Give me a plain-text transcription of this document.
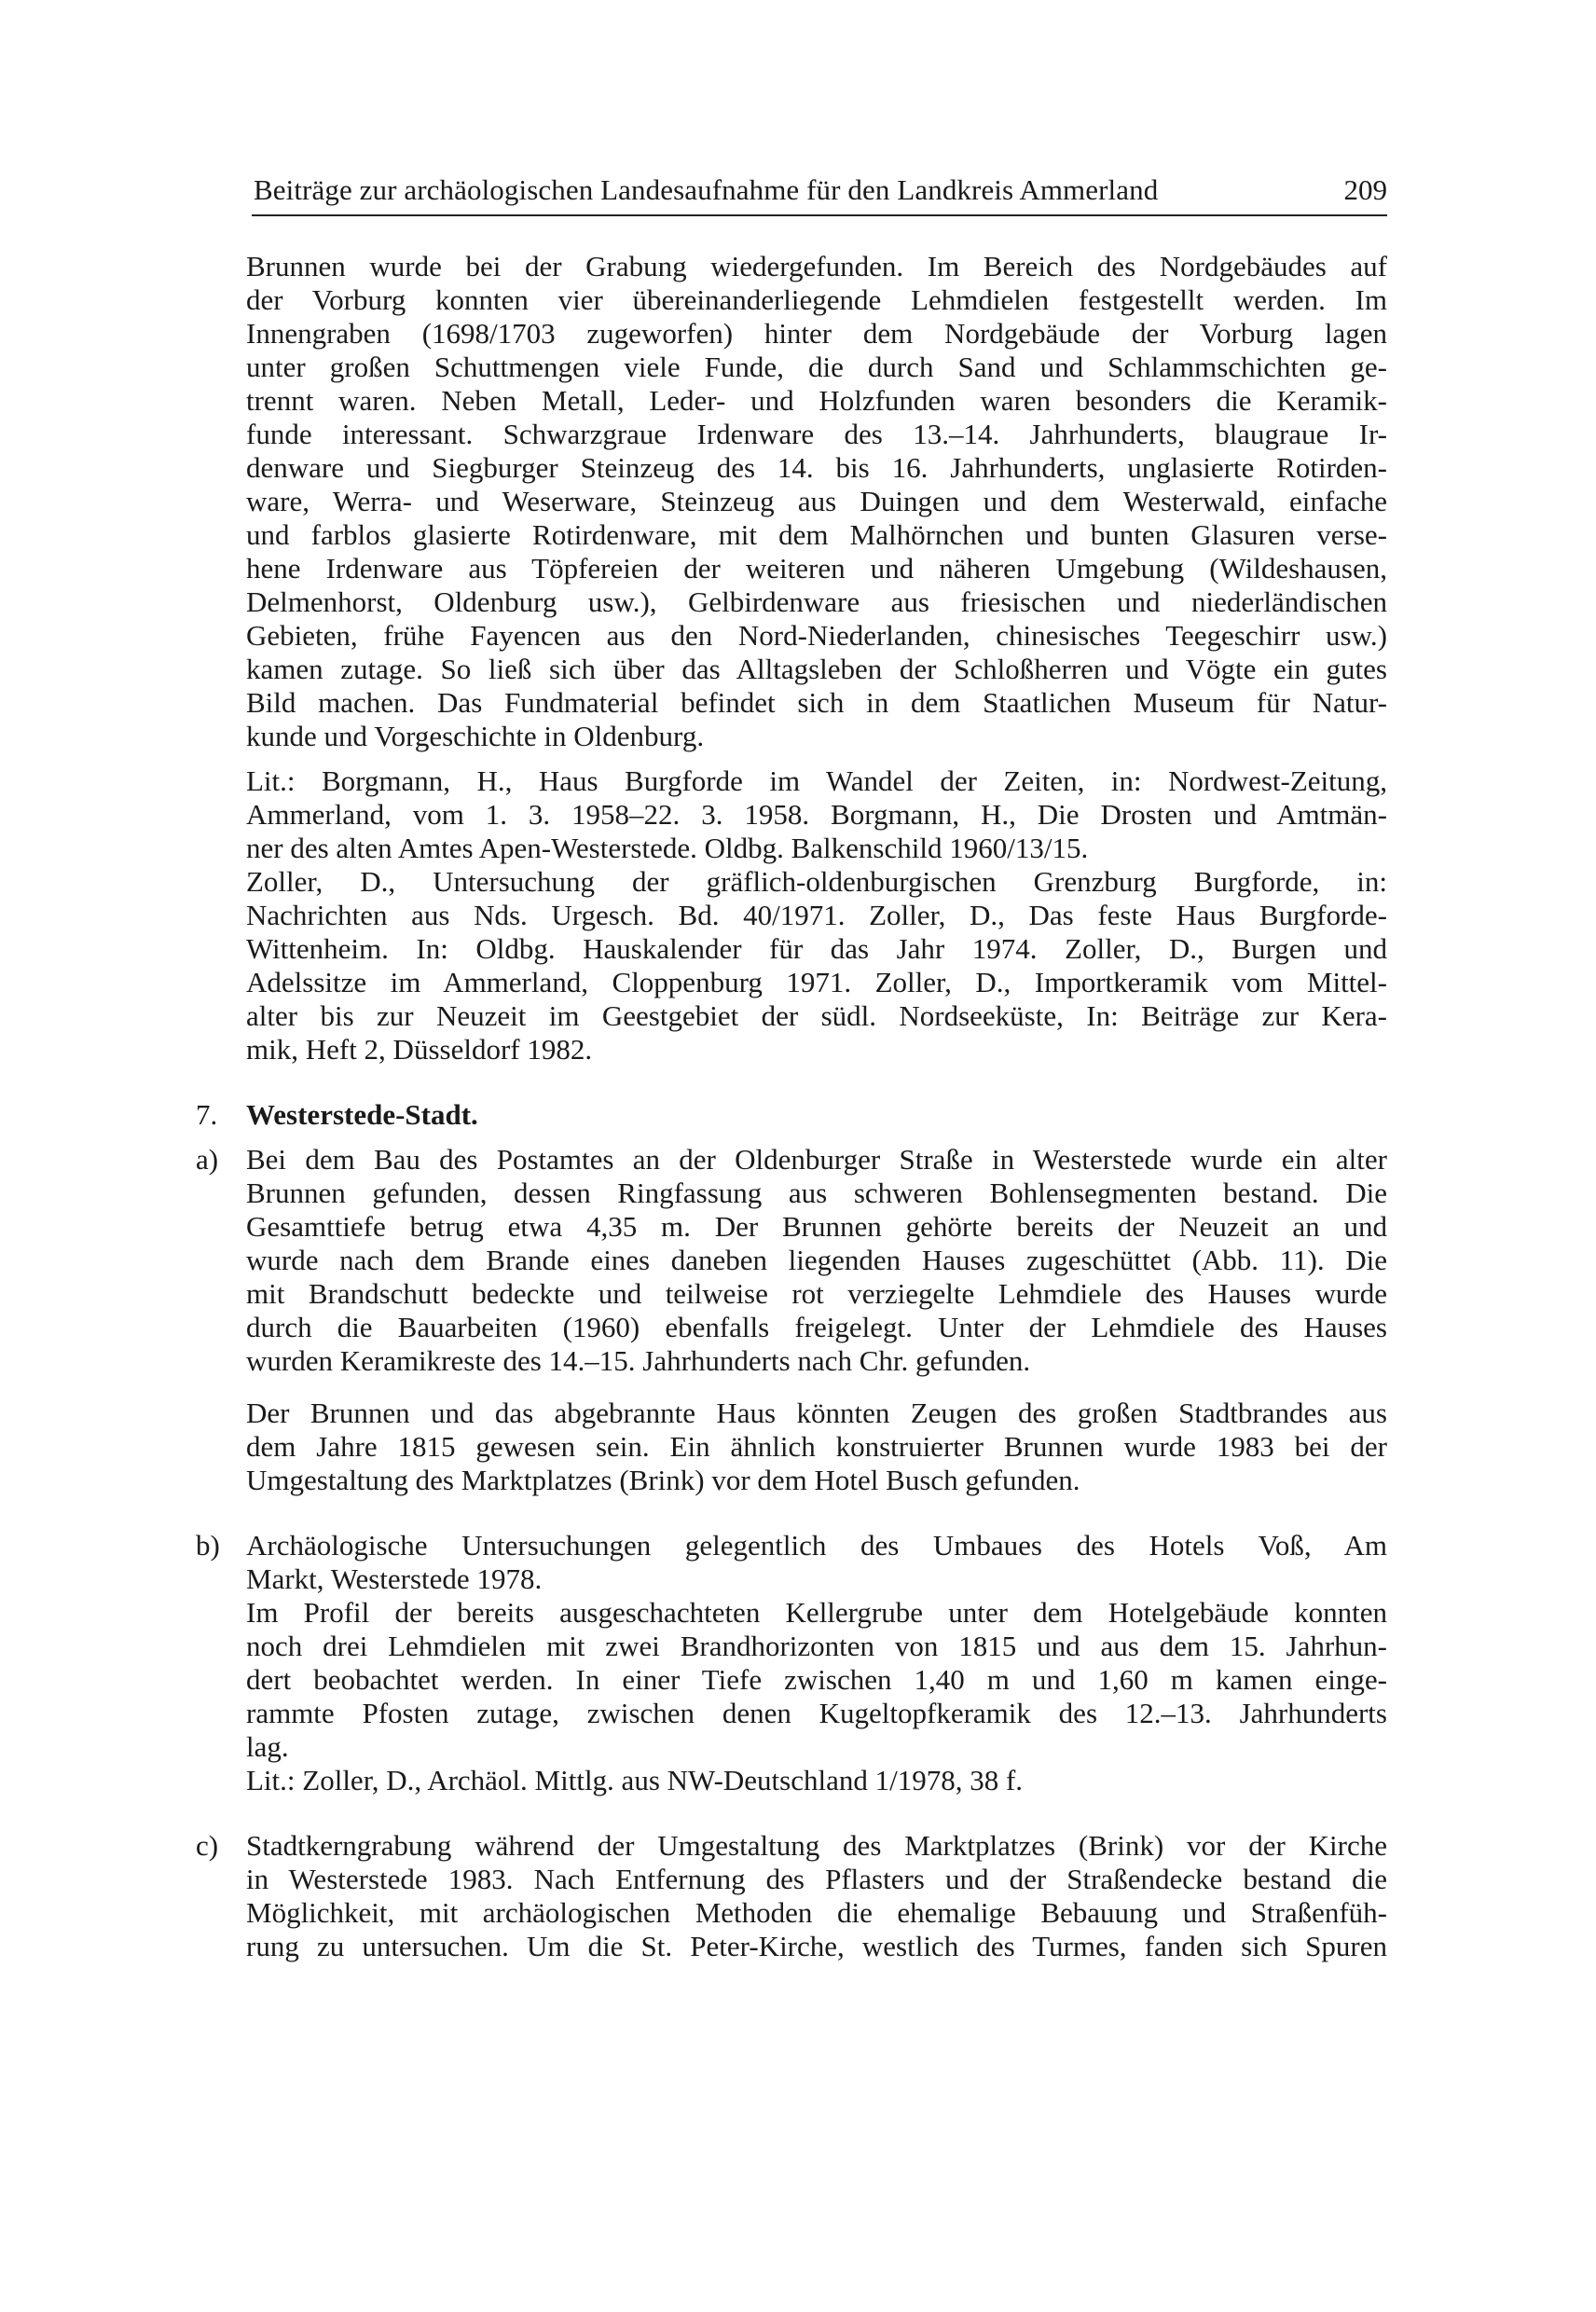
Beiträge zur archäologischen Landesaufnahme für den Landkreis Ammerland	209
Brunnen wurde bei der Grabung wiedergefunden. Im Bereich des Nordgebäudes auf
der Vorburg konnten vier übereinanderliegende Lehmdielen festgestellt werden. Im
Innengraben (1698/1703 zugeworfen) hinter dem Nordgebäude der Vorburg lagen
unter großen Schuttmengen viele Funde, die durch Sand und Schlammschichten ge-
trennt waren. Neben Metall, Leder- und Holzfunden waren besonders die Keramik-
funde interessant. Schwarzgraue Irdenware des 13.–14. Jahrhunderts, blaugraue Ir-
denware und Siegburger Steinzeug des 14. bis 16. Jahrhunderts, unglasierte Rotirden-
ware, Werra- und Weserware, Steinzeug aus Duingen und dem Westerwald, einfache
und farblos glasierte Rotirdenware, mit dem Malhörnchen und bunten Glasuren verse-
hene Irdenware aus Töpfereien der weiteren und näheren Umgebung (Wildeshausen,
Delmenhorst, Oldenburg usw.), Gelbirdenware aus friesischen und niederländischen
Gebieten, frühe Fayencen aus den Nord-Niederlanden, chinesisches Teegeschirr usw.)
kamen zutage. So ließ sich über das Alltagsleben der Schloßherren und Vögte ein gutes
Bild machen. Das Fundmaterial befindet sich in dem Staatlichen Museum für Natur-
kunde und Vorgeschichte in Oldenburg.
Lit.: Borgmann, H., Haus Burgforde im Wandel der Zeiten, in: Nordwest-Zeitung,
Ammerland, vom 1. 3. 1958–22. 3. 1958. Borgmann, H., Die Drosten und Amtmän-
ner des alten Amtes Apen-Westerstede. Oldbg. Balkenschild 1960/13/15.
Zoller, D., Untersuchung der gräflich-oldenburgischen Grenzburg Burgforde, in:
Nachrichten aus Nds. Urgesch. Bd. 40/1971. Zoller, D., Das feste Haus Burgforde-
Wittenheim. In: Oldbg. Hauskalender für das Jahr 1974. Zoller, D., Burgen und
Adelssitze im Ammerland, Cloppenburg 1971. Zoller, D., Importkeramik vom Mittel-
alter bis zur Neuzeit im Geestgebiet der südl. Nordseeküste, In: Beiträge zur Kera-
mik, Heft 2, Düsseldorf 1982.
7. Westerstede-Stadt.
a) Bei dem Bau des Postamtes an der Oldenburger Straße in Westerstede wurde ein alter
Brunnen gefunden, dessen Ringfassung aus schweren Bohlensegmenten bestand. Die
Gesamttiefe betrug etwa 4,35 m. Der Brunnen gehörte bereits der Neuzeit an und
wurde nach dem Brande eines daneben liegenden Hauses zugeschüttet (Abb. 11). Die
mit Brandschutt bedeckte und teilweise rot verziegelte Lehmdiele des Hauses wurde
durch die Bauarbeiten (1960) ebenfalls freigelegt. Unter der Lehmdiele des Hauses
wurden Keramikreste des 14.–15. Jahrhunderts nach Chr. gefunden.
Der Brunnen und das abgebrannte Haus könnten Zeugen des großen Stadtbrandes aus
dem Jahre 1815 gewesen sein. Ein ähnlich konstruierter Brunnen wurde 1983 bei der
Umgestaltung des Marktplatzes (Brink) vor dem Hotel Busch gefunden.
b) Archäologische Untersuchungen gelegentlich des Umbaues des Hotels Voß, Am
Markt, Westerstede 1978.
Im Profil der bereits ausgeschachteten Kellergrube unter dem Hotelgebäude konnten
noch drei Lehmdielen mit zwei Brandhorizonten von 1815 und aus dem 15. Jahrhun-
dert beobachtet werden. In einer Tiefe zwischen 1,40 m und 1,60 m kamen einge-
rammte Pfosten zutage, zwischen denen Kugeltopfkeramik des 12.–13. Jahrhunderts
lag.
Lit.: Zoller, D., Archäol. Mittlg. aus NW-Deutschland 1/1978, 38 f.
c) Stadtkerngrabung während der Umgestaltung des Marktplatzes (Brink) vor der Kirche
in Westerstede 1983. Nach Entfernung des Pflasters und der Straßendecke bestand die
Möglichkeit, mit archäologischen Methoden die ehemalige Bebauung und Straßenfüh-
rung zu untersuchen. Um die St. Peter-Kirche, westlich des Turmes, fanden sich Spuren
